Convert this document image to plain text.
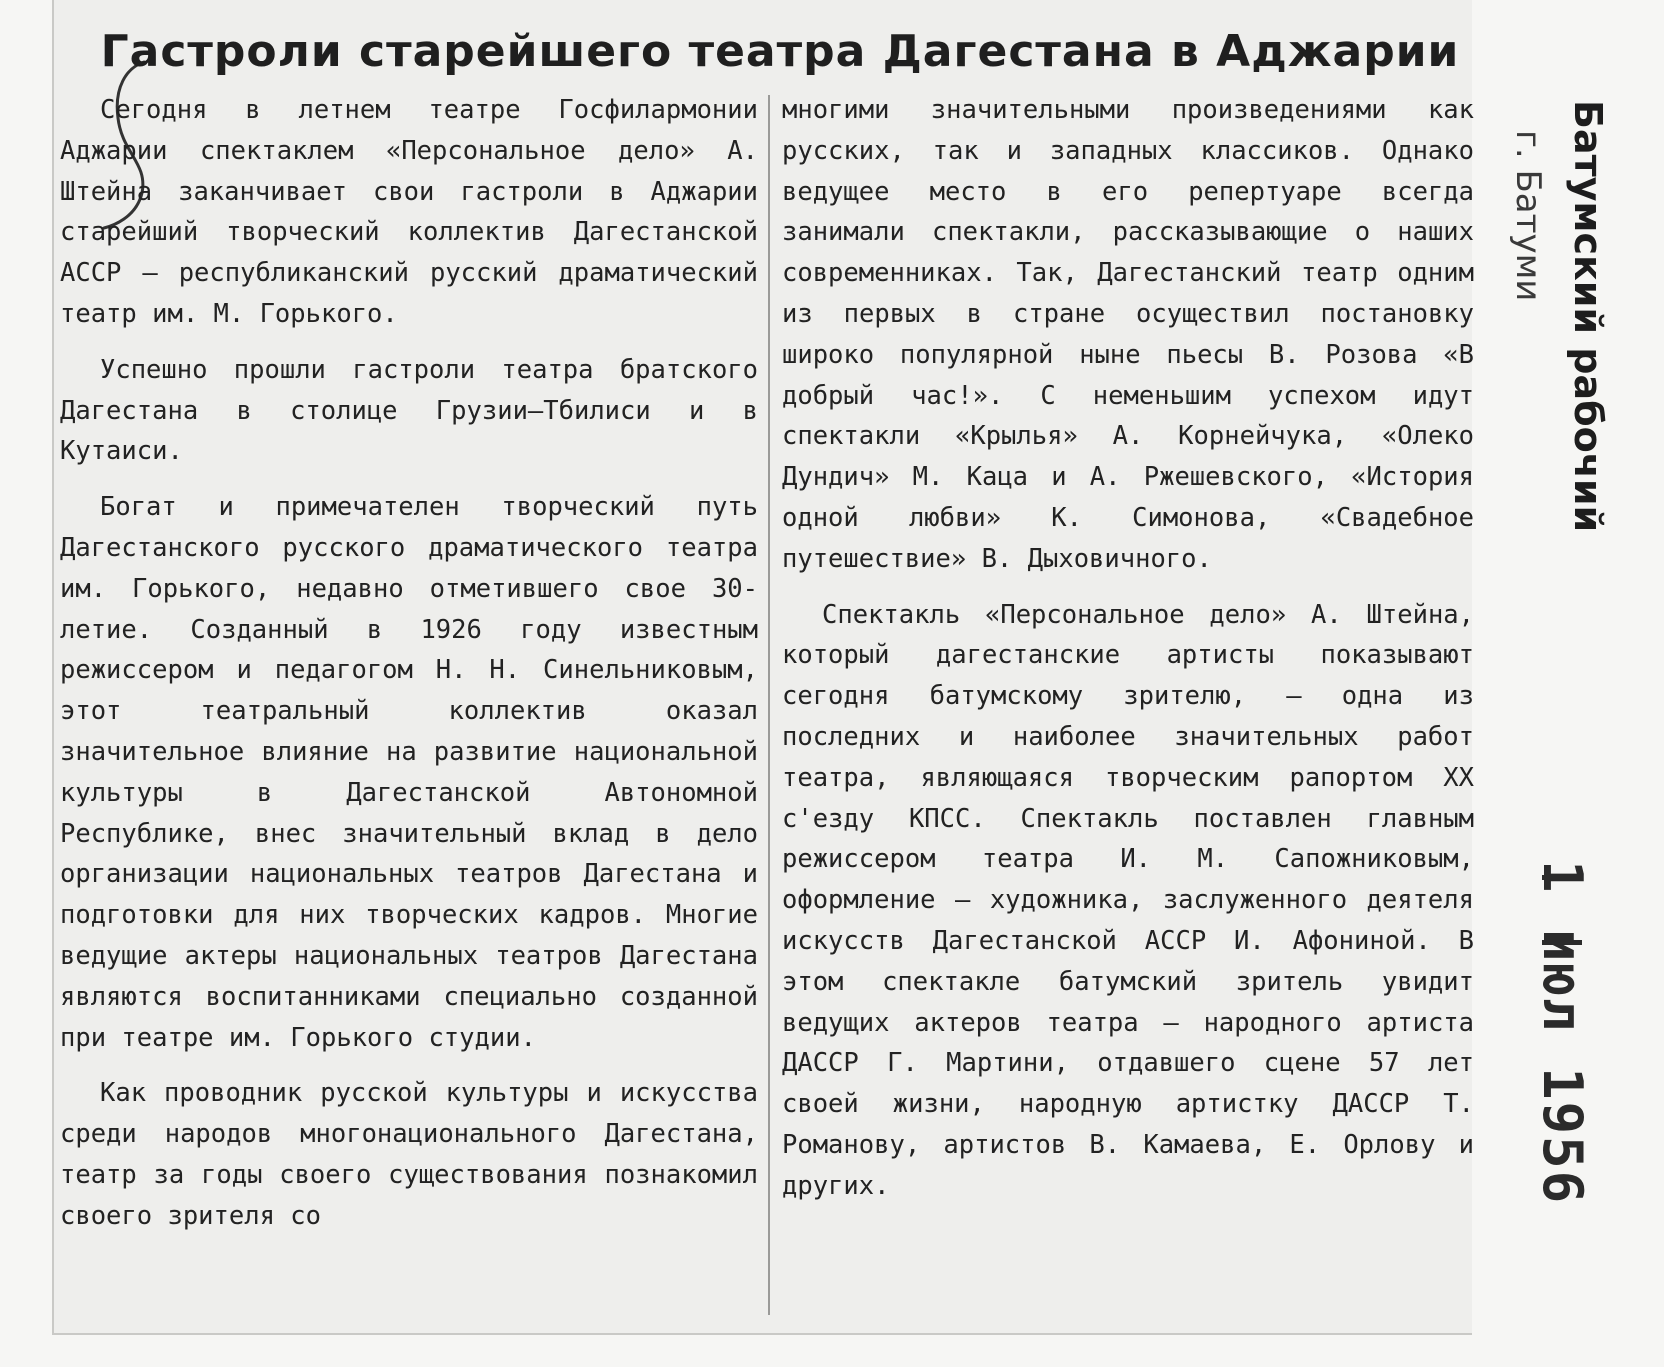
Гастроли старейшего театра Дагестана в Аджарии

Сегодня в летнем театре Госфилармонии Аджарии спектаклем «Персональное дело» А. Штейна заканчивает свои гастроли в Аджарии старейший творческий коллектив Дагестанской АССР — республиканский русский драматический театр им. М. Горького.

Успешно прошли гастроли театра братского Дагестана в столице Грузии—Тбилиси и в Кутаиси.

Богат и примечателен творческий путь Дагестанского русского драматического театра им. Горького, недавно отметившего свое 30-летие. Созданный в 1926 году известным режиссером и педагогом Н. Н. Синельниковым, этот театральный коллектив оказал значительное влияние на развитие национальной культуры в Дагестанской Автономной Республике, внес значительный вклад в дело организации национальных театров Дагестана и подготовки для них творческих кадров. Многие ведущие актеры национальных театров Дагестана являются воспитанниками специально созданной при театре им. Горького студии.

Как проводник русской культуры и искусства среди народов многонационального Дагестана, театр за годы своего существования познакомил своего зрителя со

многими значительными произведениями как русских, так и западных классиков. Однако ведущее место в его репертуаре всегда занимали спектакли, рассказывающие о наших современниках. Так, Дагестанский театр одним из первых в стране осуществил постановку широко популярной ныне пьесы В. Розова «В добрый час!». С неменьшим успехом идут спектакли «Крылья» А. Корнейчука, «Олеко Дундич» М. Каца и А. Ржешевского, «История одной любви» К. Симонова, «Свадебное путешествие» В. Дыховичного.

Спектакль «Персональное дело» А. Штейна, который дагестанские артисты показывают сегодня батумскому зрителю, — одна из последних и наиболее значительных работ театра, являющаяся творческим рапортом XX с'езду КПСС. Спектакль поставлен главным режиссером театра И. М. Сапожниковым, оформление — художника, заслуженного деятеля искусств Дагестанской АССР И. Афониной. В этом спектакле батумский зритель увидит ведущих актеров театра — народного артиста ДАССР Г. Мартини, отдавшего сцене 57 лет своей жизни, народную артистку ДАССР Т. Романову, артистов В. Камаева, Е. Орлову и других.

Батумский рабочий
г. Батуми
1 июл 1956
